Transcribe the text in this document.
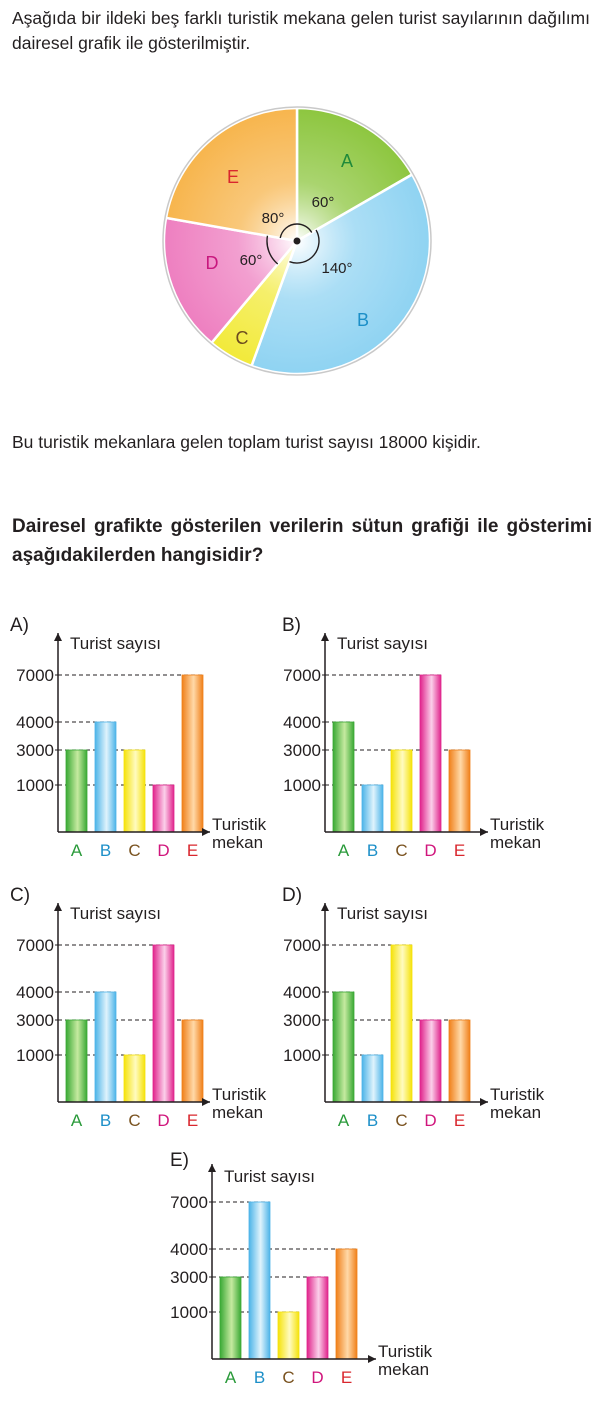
Aşağıda bir ildeki beş farklı turistik mekana gelen turist sayılarının dağılımı dairesel grafik ile gösterilmiştir.
A
B
C
D
E
60°
140°
60°
80°
Bu turistik mekanlara gelen toplam turist sayısı 18000 kişidir.
Dairesel grafikte gösterilen verilerin sütun grafiği ile gösterimi aşağıdakilerden hangisidir?
A)
Turist sayısı
7000
4000
3000
1000
A B C D E
Turistik
mekan
B)
Turist sayısı
7000
4000
3000
1000
A B C D E
Turistik
mekan
C)
Turist sayısı
7000
4000
3000
1000
A B C D E
Turistik
mekan
D)
Turist sayısı
7000
4000
3000
1000
A B C D E
Turistik
mekan
E)
Turist sayısı
7000
4000
3000
1000
A B C D E
Turistik
mekan
